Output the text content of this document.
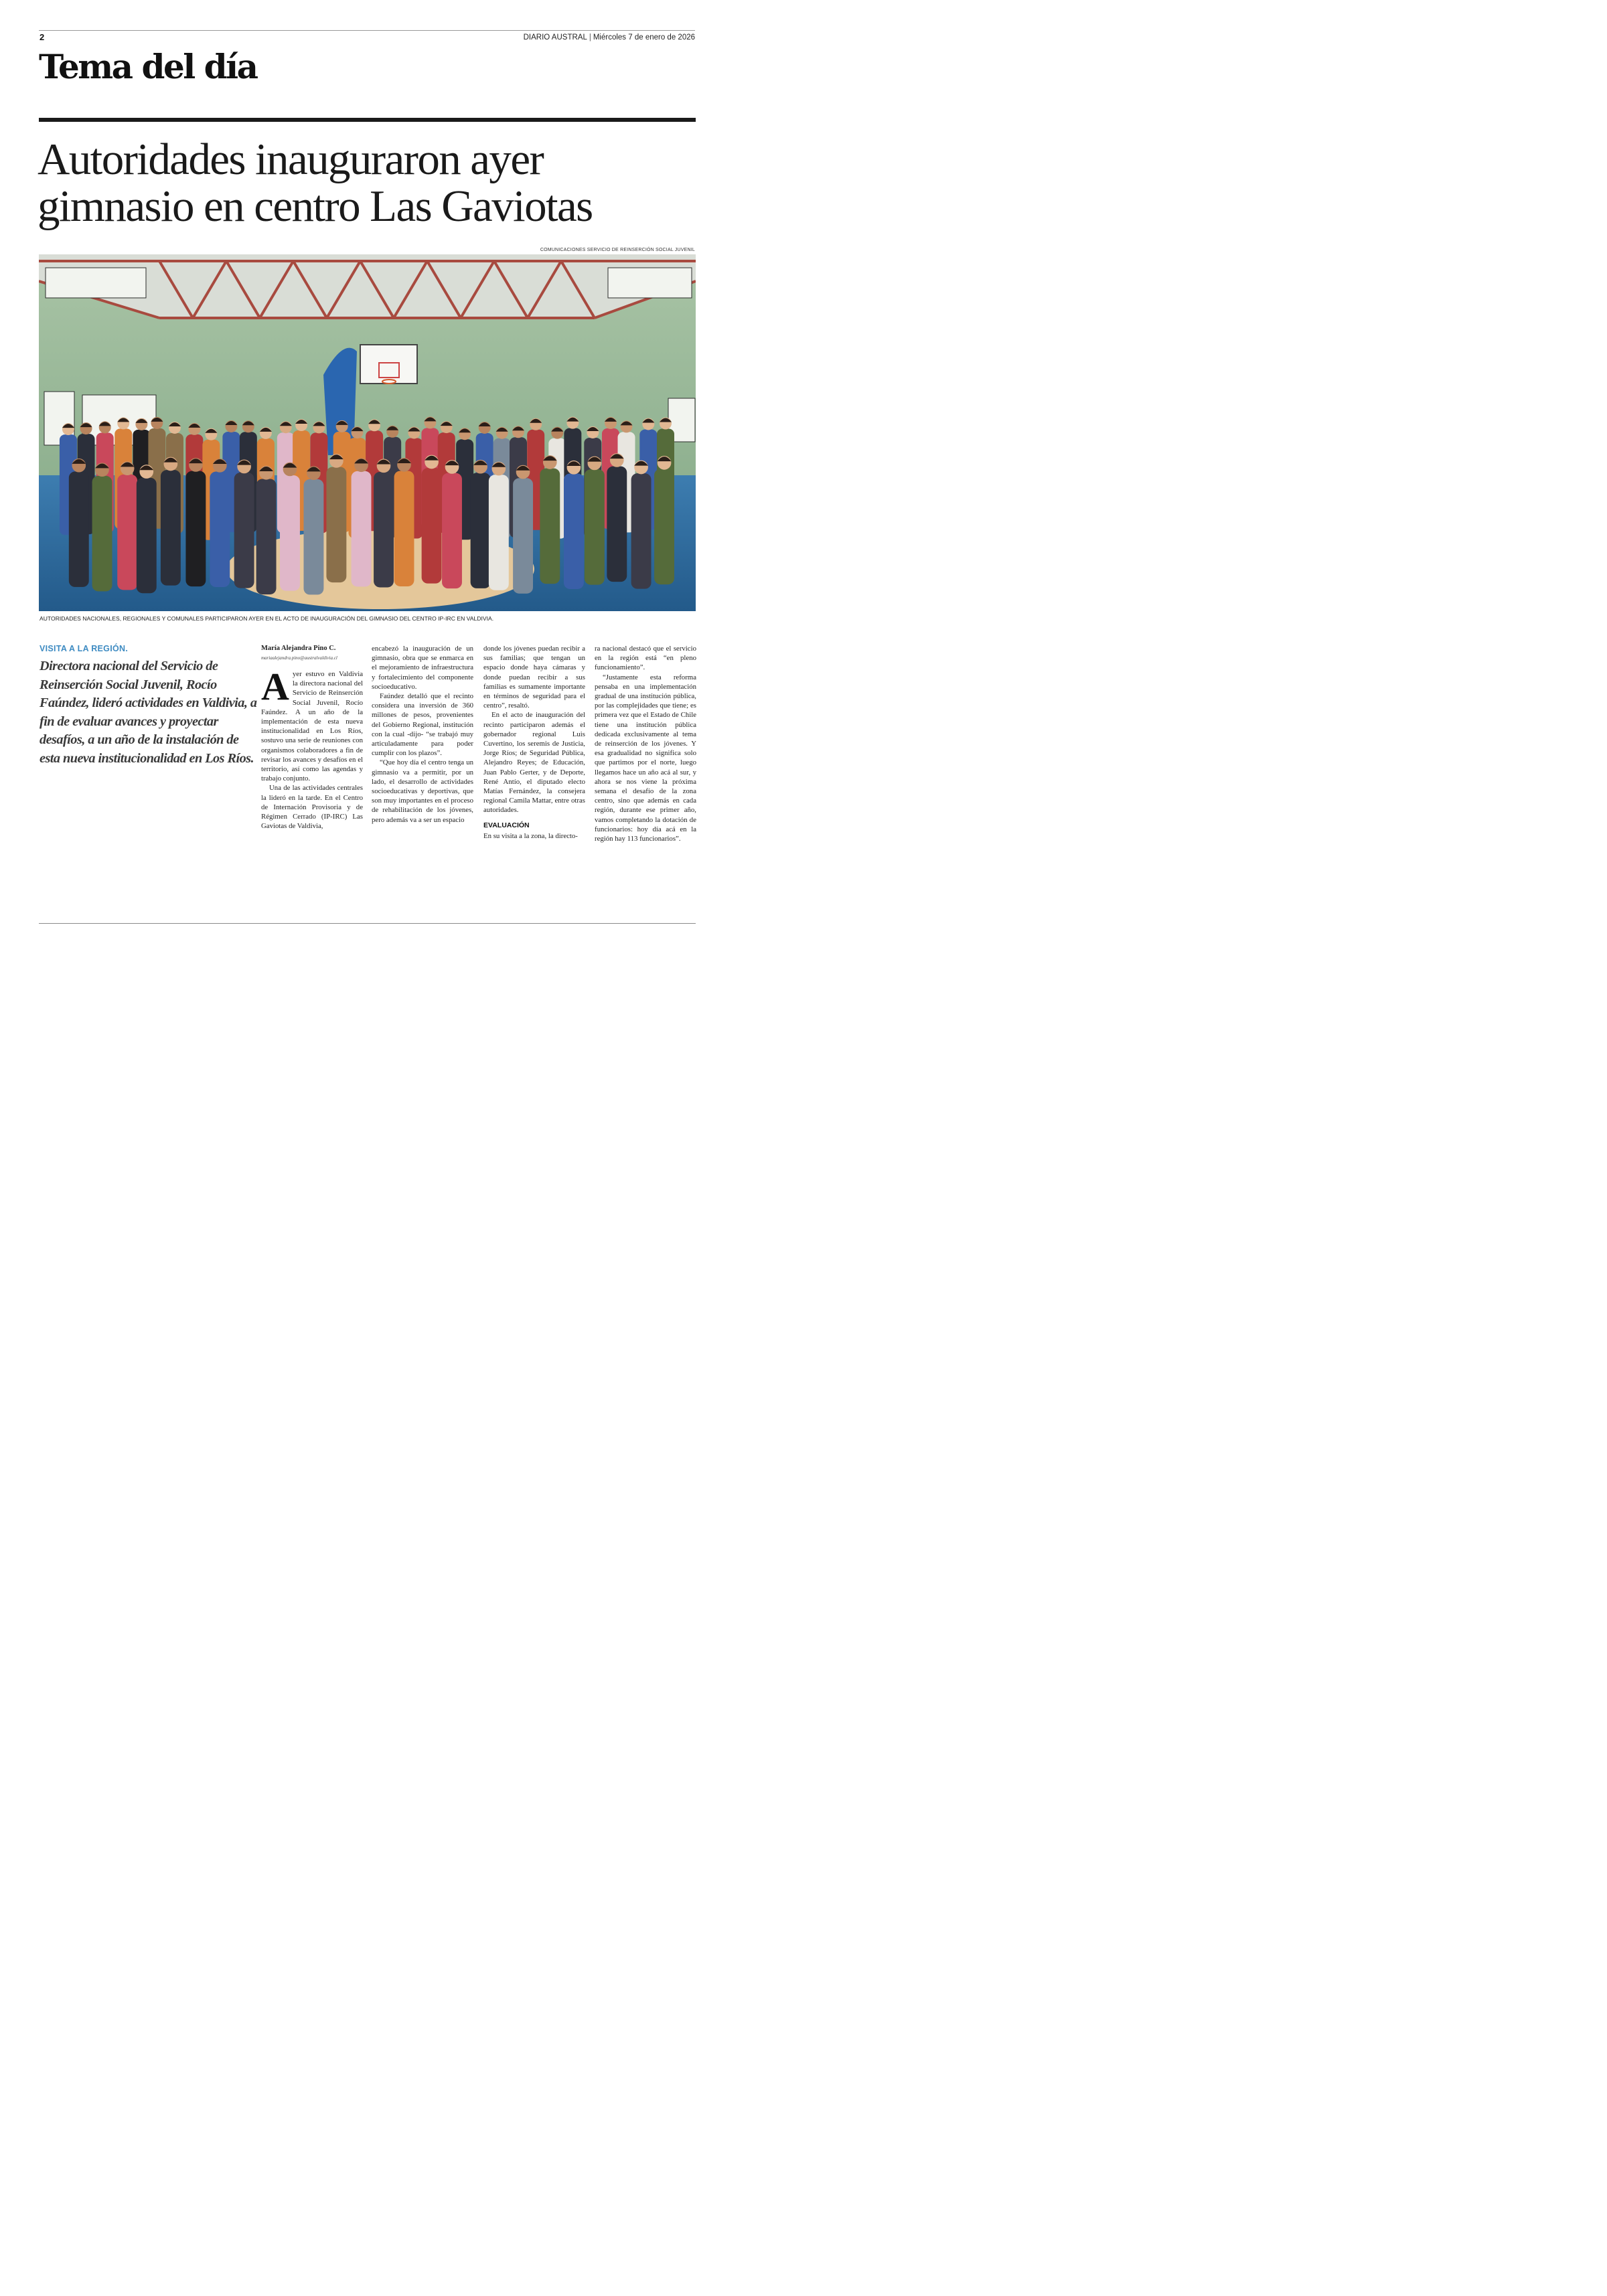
2	DIARIO AUSTRAL | Miércoles 7 de enero de 2026
Tema del día
Autoridades inauguraron ayer
gimnasio en centro Las Gaviotas
COMUNICACIONES SERVICIO DE REINSERCIÓN SOCIAL JUVENIL
AUTORIDADES NACIONALES, REGIONALES Y COMUNALES PARTICIPARON AYER EN EL ACTO DE INAUGURACIÓN DEL GIMNASIO DEL CENTRO IP-IRC EN VALDIVIA.
VISITA A LA REGIÓN.
Directora nacional del Servicio de Reinserción Social Juvenil, Rocío Faúndez, lideró actividades en Valdivia, a fin de evaluar avances y proyectar desafíos, a un año de la instalación de esta nueva institucionalidad en Los Ríos.
María Alejandra Pino C.
mariaalejandra.pino@australvaldivia.cl
A yer estuvo en Valdivia la directora nacional del Servicio de Reinserción Social Juvenil, Rocío Faúndez. A un año de la implementación de esta nueva institucionalidad en Los Ríos, sostuvo una serie de reuniones con organismos colaboradores a fin de revisar los avances y desafíos en el territorio, así como las agendas y trabajo conjunto.

Una de las actividades centrales la lideró en la tarde. En el Centro de Internación Provisoria y de Régimen Cerrado (IP-IRC) Las Gaviotas de Valdivia,

encabezó la inauguración de un gimnasio, obra que se enmarca en el mejoramiento de infraestructura y fortalecimiento del componente socioeducativo.

Faúndez detalló que el recinto considera una inversión de 360 millones de pesos, provenientes del Gobierno Regional, institución con la cual -dijo- “se trabajó muy articuladamente para poder cumplir con los plazos”.

“Que hoy día el centro tenga un gimnasio va a permitir, por un lado, el desarrollo de actividades socioeducativas y deportivas, que son muy importantes en el proceso de rehabilitación de los jóvenes, pero además va a ser un espacio

donde los jóvenes puedan recibir a sus familias; que tengan un espacio donde haya cámaras y donde puedan recibir a sus familias es sumamente importante en términos de seguridad para el centro”, resaltó.

En el acto de inauguración del recinto participaron además el gobernador regional Luis Cuvertino, los seremis de Justicia, Jorge Ríos; de Seguridad Pública, Alejandro Reyes; de Educación, Juan Pablo Gerter, y de Deporte, René Antío, el diputado electo Matías Fernández, la consejera regional Camila Mattar, entre otras autoridades.

EVALUACIÓN

En su visita a la zona, la directo-

ra nacional destacó que el servicio en la región está “en pleno funcionamiento”.

“Justamente esta reforma pensaba en una implementación gradual de una institución pública, por las complejidades que tiene; es primera vez que el Estado de Chile tiene una institución pública dedicada exclusivamente al tema de reinserción de los jóvenes. Y esa gradualidad no significa solo que partimos por el norte, luego llegamos hace un año acá al sur, y ahora se nos viene la próxima semana el desafío de la zona centro, sino que además en cada región, durante ese primer año, vamos completando la dotación de funcionarios: hoy día acá en la región hay 113 funcionarios”.
